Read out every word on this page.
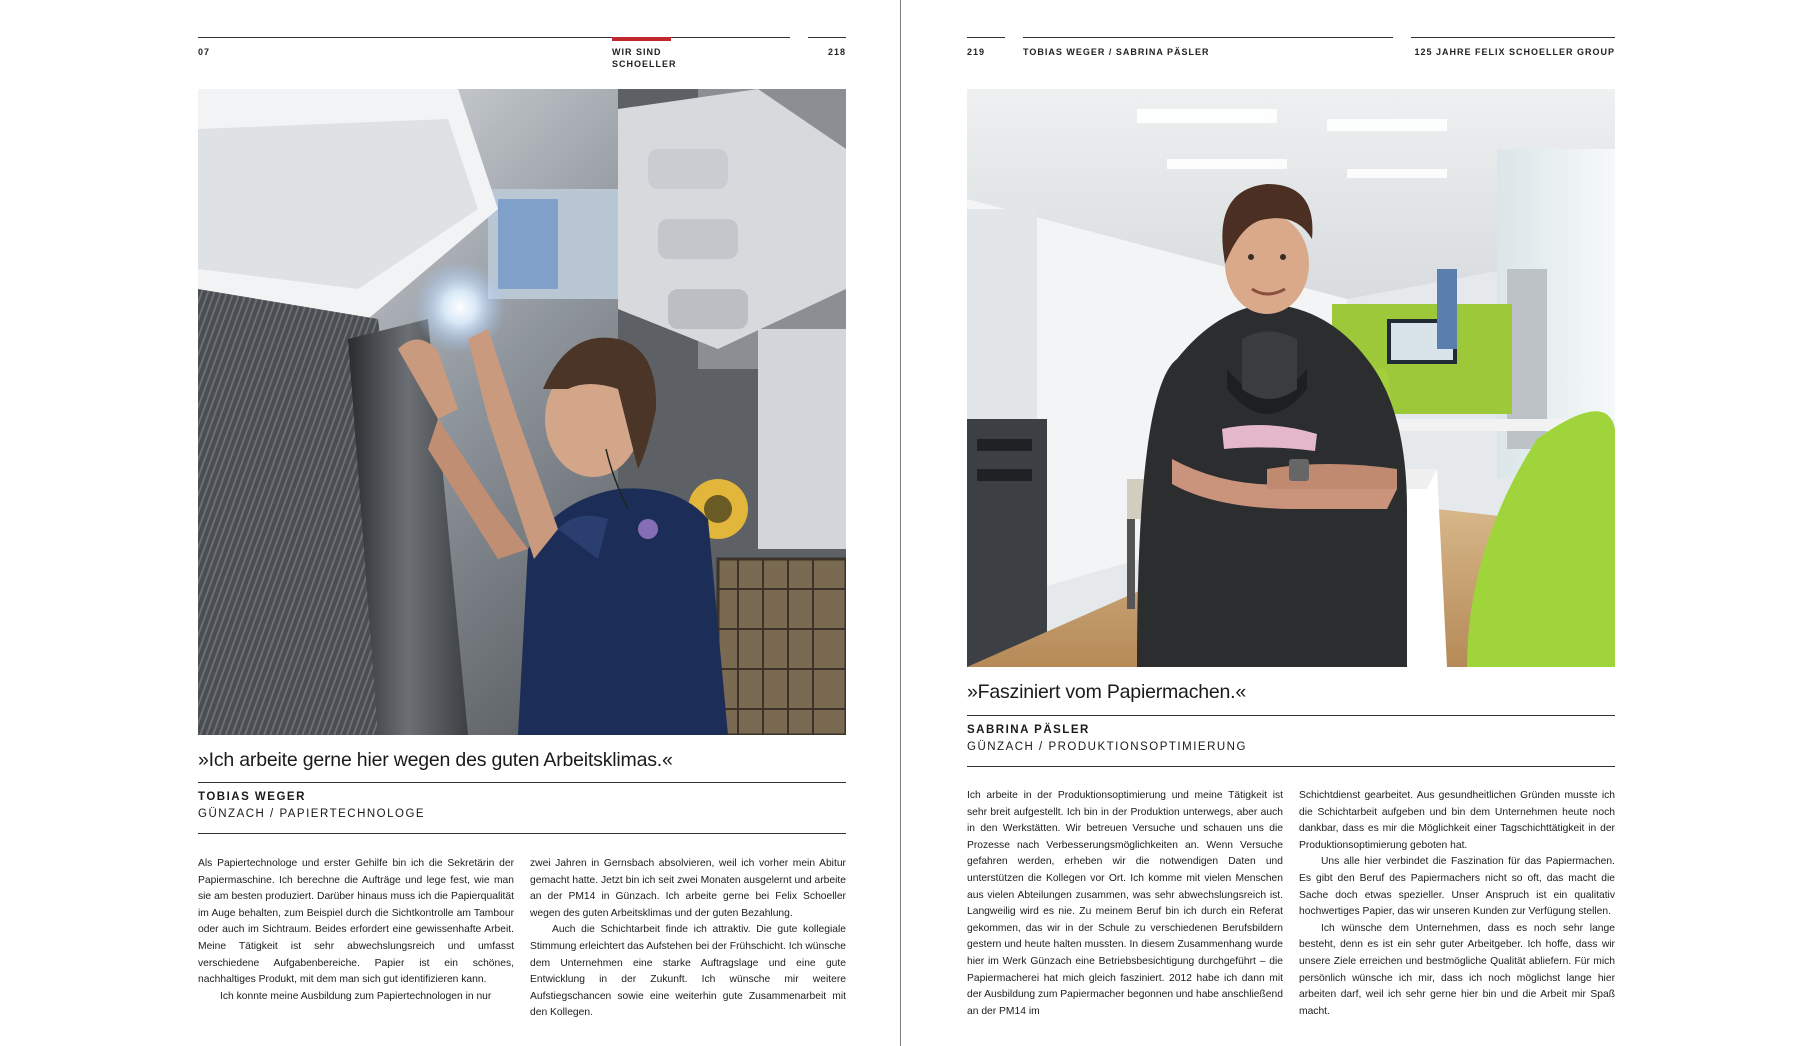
07	WIR SIND
SCHOELLER
218
»Ich arbeite gerne hier wegen des guten Arbeitsklimas.«
TOBIAS WEGER
GÜNZACH / PAPIERTECHNOLOGE

Als Papiertechnologe und erster Gehilfe bin ich die Sekretärin der Papiermaschine. Ich berechne die Aufträge und lege fest, wie man sie am besten produziert. Darüber hinaus muss ich die Papierqualität im Auge behalten, zum Beispiel durch die Sichtkontrolle am Tambour oder auch im Sichtraum. Beides erfordert eine gewissenhafte Arbeit. Meine Tätigkeit ist sehr abwechslungsreich und umfasst verschiedene Aufgabenbereiche. Papier ist ein schönes, nachhaltiges Produkt, mit dem man sich gut identifizieren kann.

Ich konnte meine Ausbildung zum Papiertechnologen in nur

zwei Jahren in Gernsbach absolvieren, weil ich vorher mein Abitur gemacht hatte. Jetzt bin ich seit zwei Monaten ausgelernt und arbeite an der PM14 in Günzach. Ich arbeite gerne bei Felix Schoeller wegen des guten Arbeitsklimas und der guten Bezahlung.

Auch die Schichtarbeit finde ich attraktiv. Die gute kollegiale Stimmung erleichtert das Aufstehen bei der Frühschicht. Ich wünsche dem Unternehmen eine starke Auftragslage und eine gute Entwicklung in der Zukunft. Ich wünsche mir weitere Aufstiegschancen sowie eine weiterhin gute Zusammenarbeit mit den Kollegen.

219	TOBIAS WEGER / SABRINA PÄSLER	125 JAHRE FELIX SCHOELLER GROUP
»Fasziniert vom Papiermachen.«
SABRINA PÄSLER
GÜNZACH / PRODUKTIONSOPTIMIERUNG

Ich arbeite in der Produktionsoptimierung und meine Tätigkeit ist sehr breit aufgestellt. Ich bin in der Produktion unterwegs, aber auch in den Werkstätten. Wir betreuen Versuche und schauen uns die Prozesse nach Verbesserungsmöglichkeiten an. Wenn Versuche gefahren werden, erheben wir die notwendigen Daten und unterstützen die Kollegen vor Ort. Ich komme mit vielen Menschen aus vielen Abteilungen zusammen, was sehr abwechslungsreich ist. Langweilig wird es nie. Zu meinem Beruf bin ich durch ein Referat gekommen, das wir in der Schule zu verschiedenen Berufsbildern gestern und heute halten mussten. In diesem Zusammenhang wurde hier im Werk Günzach eine Betriebsbesichtigung durchgeführt – die Papiermacherei hat mich gleich fasziniert. 2012 habe ich dann mit der Ausbildung zum Papiermacher begonnen und habe anschließend an der PM14 im

Schichtdienst gearbeitet. Aus gesundheitlichen Gründen musste ich die Schichtarbeit aufgeben und bin dem Unternehmen heute noch dankbar, dass es mir die Möglichkeit einer Tagschichttätigkeit in der Produktionsoptimierung geboten hat.

Uns alle hier verbindet die Faszination für das Papiermachen. Es gibt den Beruf des Papiermachers nicht so oft, das macht die Sache doch etwas spezieller. Unser Anspruch ist ein qualitativ hochwertiges Papier, das wir unseren Kunden zur Verfügung stellen.

Ich wünsche dem Unternehmen, dass es noch sehr lange besteht, denn es ist ein sehr guter Arbeitgeber. Ich hoffe, dass wir unsere Ziele erreichen und bestmögliche Qualität abliefern. Für mich persönlich wünsche ich mir, dass ich noch möglichst lange hier arbeiten darf, weil ich sehr gerne hier bin und die Arbeit mir Spaß macht.
